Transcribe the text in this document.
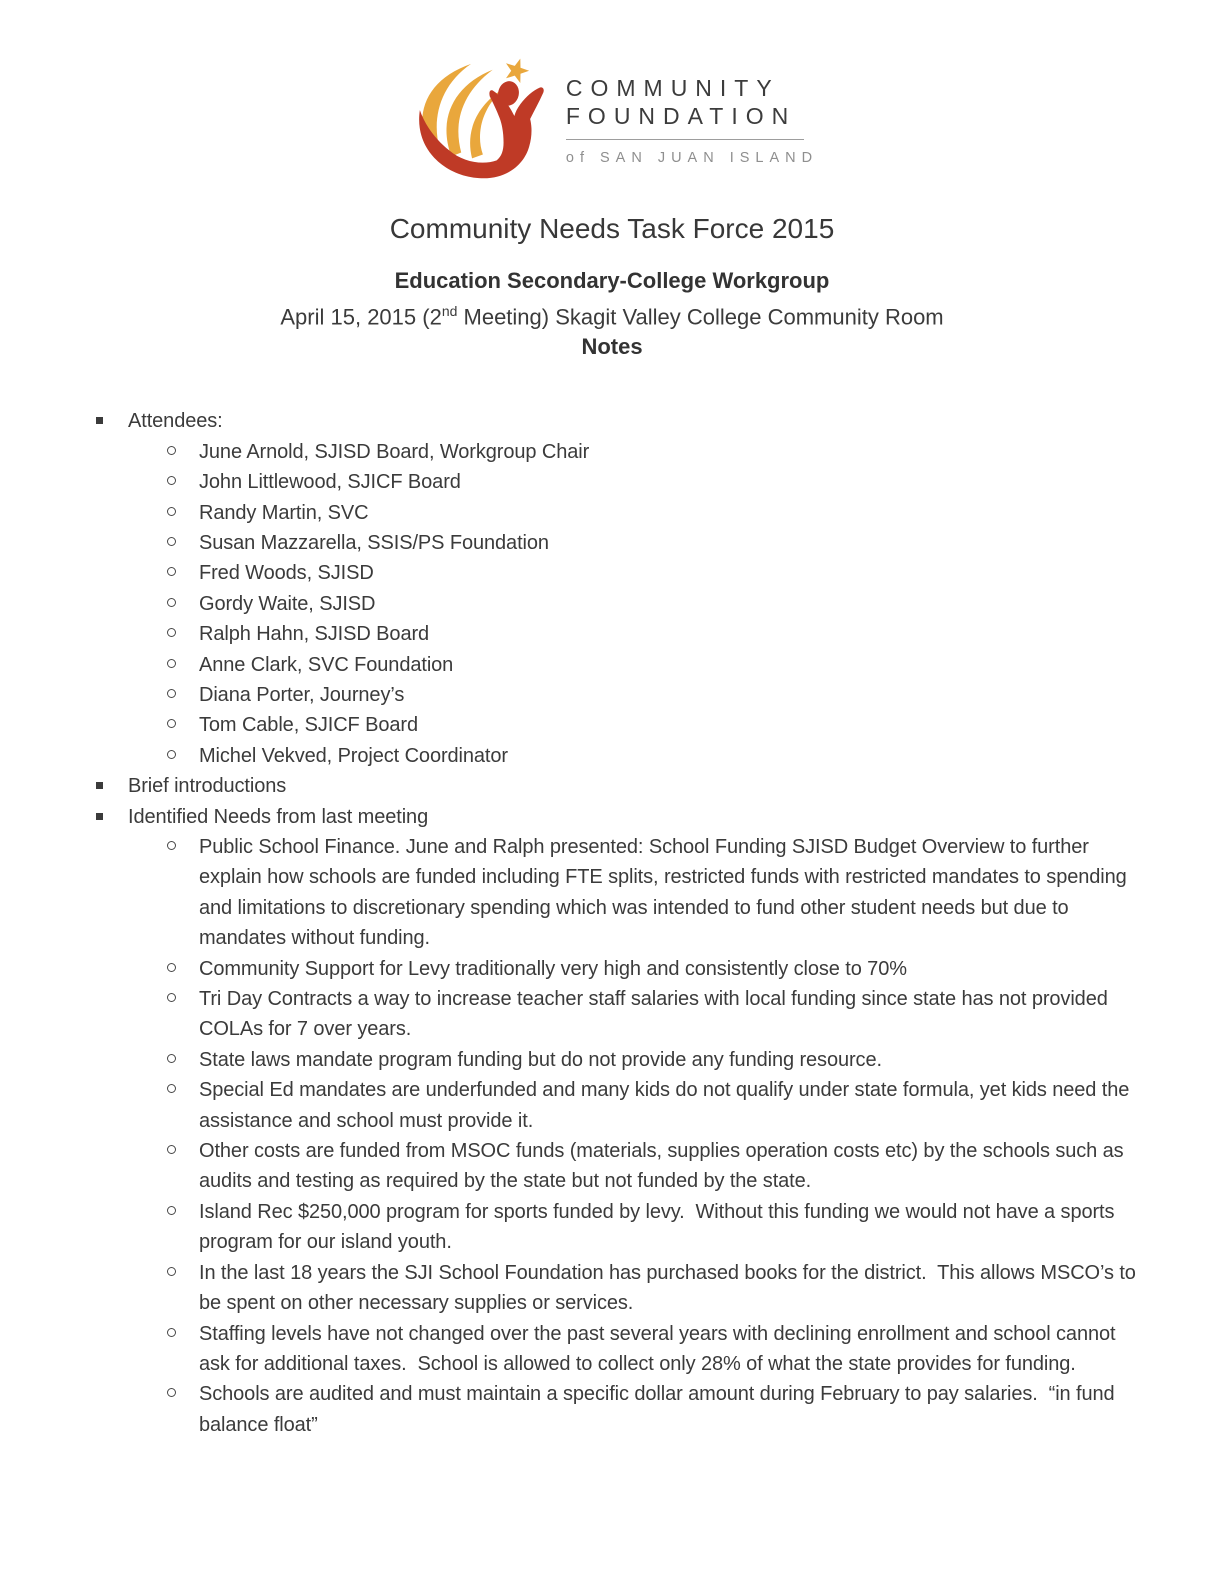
COMMUNITY
FOUNDATION
of SAN JUAN ISLAND
Community Needs Task Force 2015
Education Secondary-College Workgroup
April 15, 2015 (2nd Meeting) Skagit Valley College Community Room
Notes
Attendees:
June Arnold, SJISD Board, Workgroup Chair
John Littlewood, SJICF Board
Randy Martin, SVC
Susan Mazzarella, SSIS/PS Foundation
Fred Woods, SJISD
Gordy Waite, SJISD
Ralph Hahn, SJISD Board
Anne Clark, SVC Foundation
Diana Porter, Journey’s
Tom Cable, SJICF Board
Michel Vekved, Project Coordinator
Brief introductions
Identified Needs from last meeting
Public School Finance. June and Ralph presented: School Funding SJISD Budget Overview to further explain how schools are funded including FTE splits, restricted funds with restricted mandates to spending and limitations to discretionary spending which was intended to fund other student needs but due to mandates without funding.
Community Support for Levy traditionally very high and consistently close to 70%
Tri Day Contracts a way to increase teacher staff salaries with local funding since state has not provided COLAs for 7 over years.
State laws mandate program funding but do not provide any funding resource.
Special Ed mandates are underfunded and many kids do not qualify under state formula, yet kids need the assistance and school must provide it.
Other costs are funded from MSOC funds (materials, supplies operation costs etc) by the schools such as audits and testing as required by the state but not funded by the state.
Island Rec $250,000 program for sports funded by levy.  Without this funding we would not have a sports program for our island youth.
In the last 18 years the SJI School Foundation has purchased books for the district.  This allows MSCO’s to be spent on other necessary supplies or services.
Staffing levels have not changed over the past several years with declining enrollment and school cannot ask for additional taxes.  School is allowed to collect only 28% of what the state provides for funding.
Schools are audited and must maintain a specific dollar amount during February to pay salaries.  “in fund balance float”
